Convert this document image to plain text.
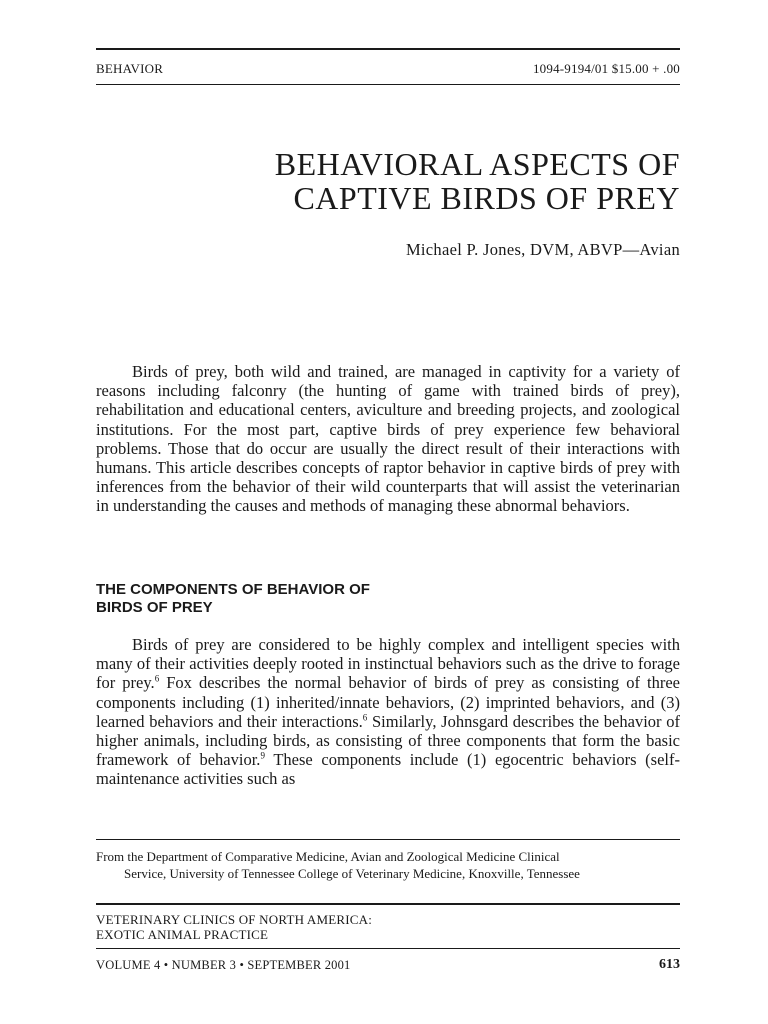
BEHAVIOR	1094-9194/01 $15.00 + .00
BEHAVIORAL ASPECTS OF
CAPTIVE BIRDS OF PREY
Michael P. Jones, DVM, ABVP—Avian

Birds of prey, both wild and trained, are managed in captivity for a variety of reasons including falconry (the hunting of game with trained birds of prey), rehabilitation and educational centers, aviculture and breeding projects, and zoological institutions. For the most part, captive birds of prey experience few behavioral problems. Those that do occur are usually the direct result of their interactions with humans. This article describes concepts of raptor behavior in captive birds of prey with inferences from the behavior of their wild counterparts that will assist the veterinarian in understanding the causes and methods of managing these abnormal behaviors.

THE COMPONENTS OF BEHAVIOR OF
BIRDS OF PREY

Birds of prey are considered to be highly complex and intelligent species with many of their activities deeply rooted in instinctual behaviors such as the drive to forage for prey.$^6$ Fox describes the normal behavior of birds of prey as consisting of three components including (1) inherited/innate behaviors, (2) imprinted behaviors, and (3) learned behaviors and their interactions.$^6$ Similarly, Johnsgard describes the behavior of higher animals, including birds, as consisting of three components that form the basic framework of behavior.$^9$ These components include (1) egocentric behaviors (self-maintenance activities such as

From the Department of Comparative Medicine, Avian and Zoological Medicine Clinical
Service, University of Tennessee College of Veterinary Medicine, Knoxville, Tennessee
VETERINARY CLINICS OF NORTH AMERICA:
EXOTIC ANIMAL PRACTICE
VOLUME 4 • NUMBER 3 • SEPTEMBER 2001	613
